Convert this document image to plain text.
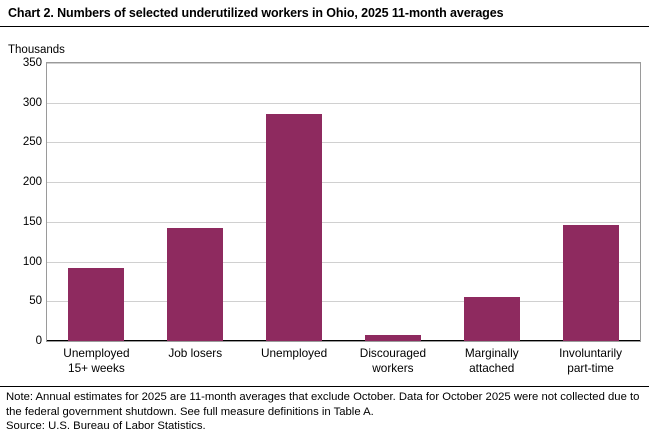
Chart 2. Numbers of selected underutilized workers in Ohio, 2025 11-month averages
Thousands
0
50
100
150
200
250
300
350
Unemployed
15+ weeks
Job losers	Unemployed	Discouraged
workers
Marginally
attached
Involuntarily
part-time
Note: Annual estimates for 2025 are 11-month averages that exclude October. Data for October 2025 were not collected due to the federal government shutdown. See full measure definitions in Table A.
Source: U.S. Bureau of Labor Statistics.
